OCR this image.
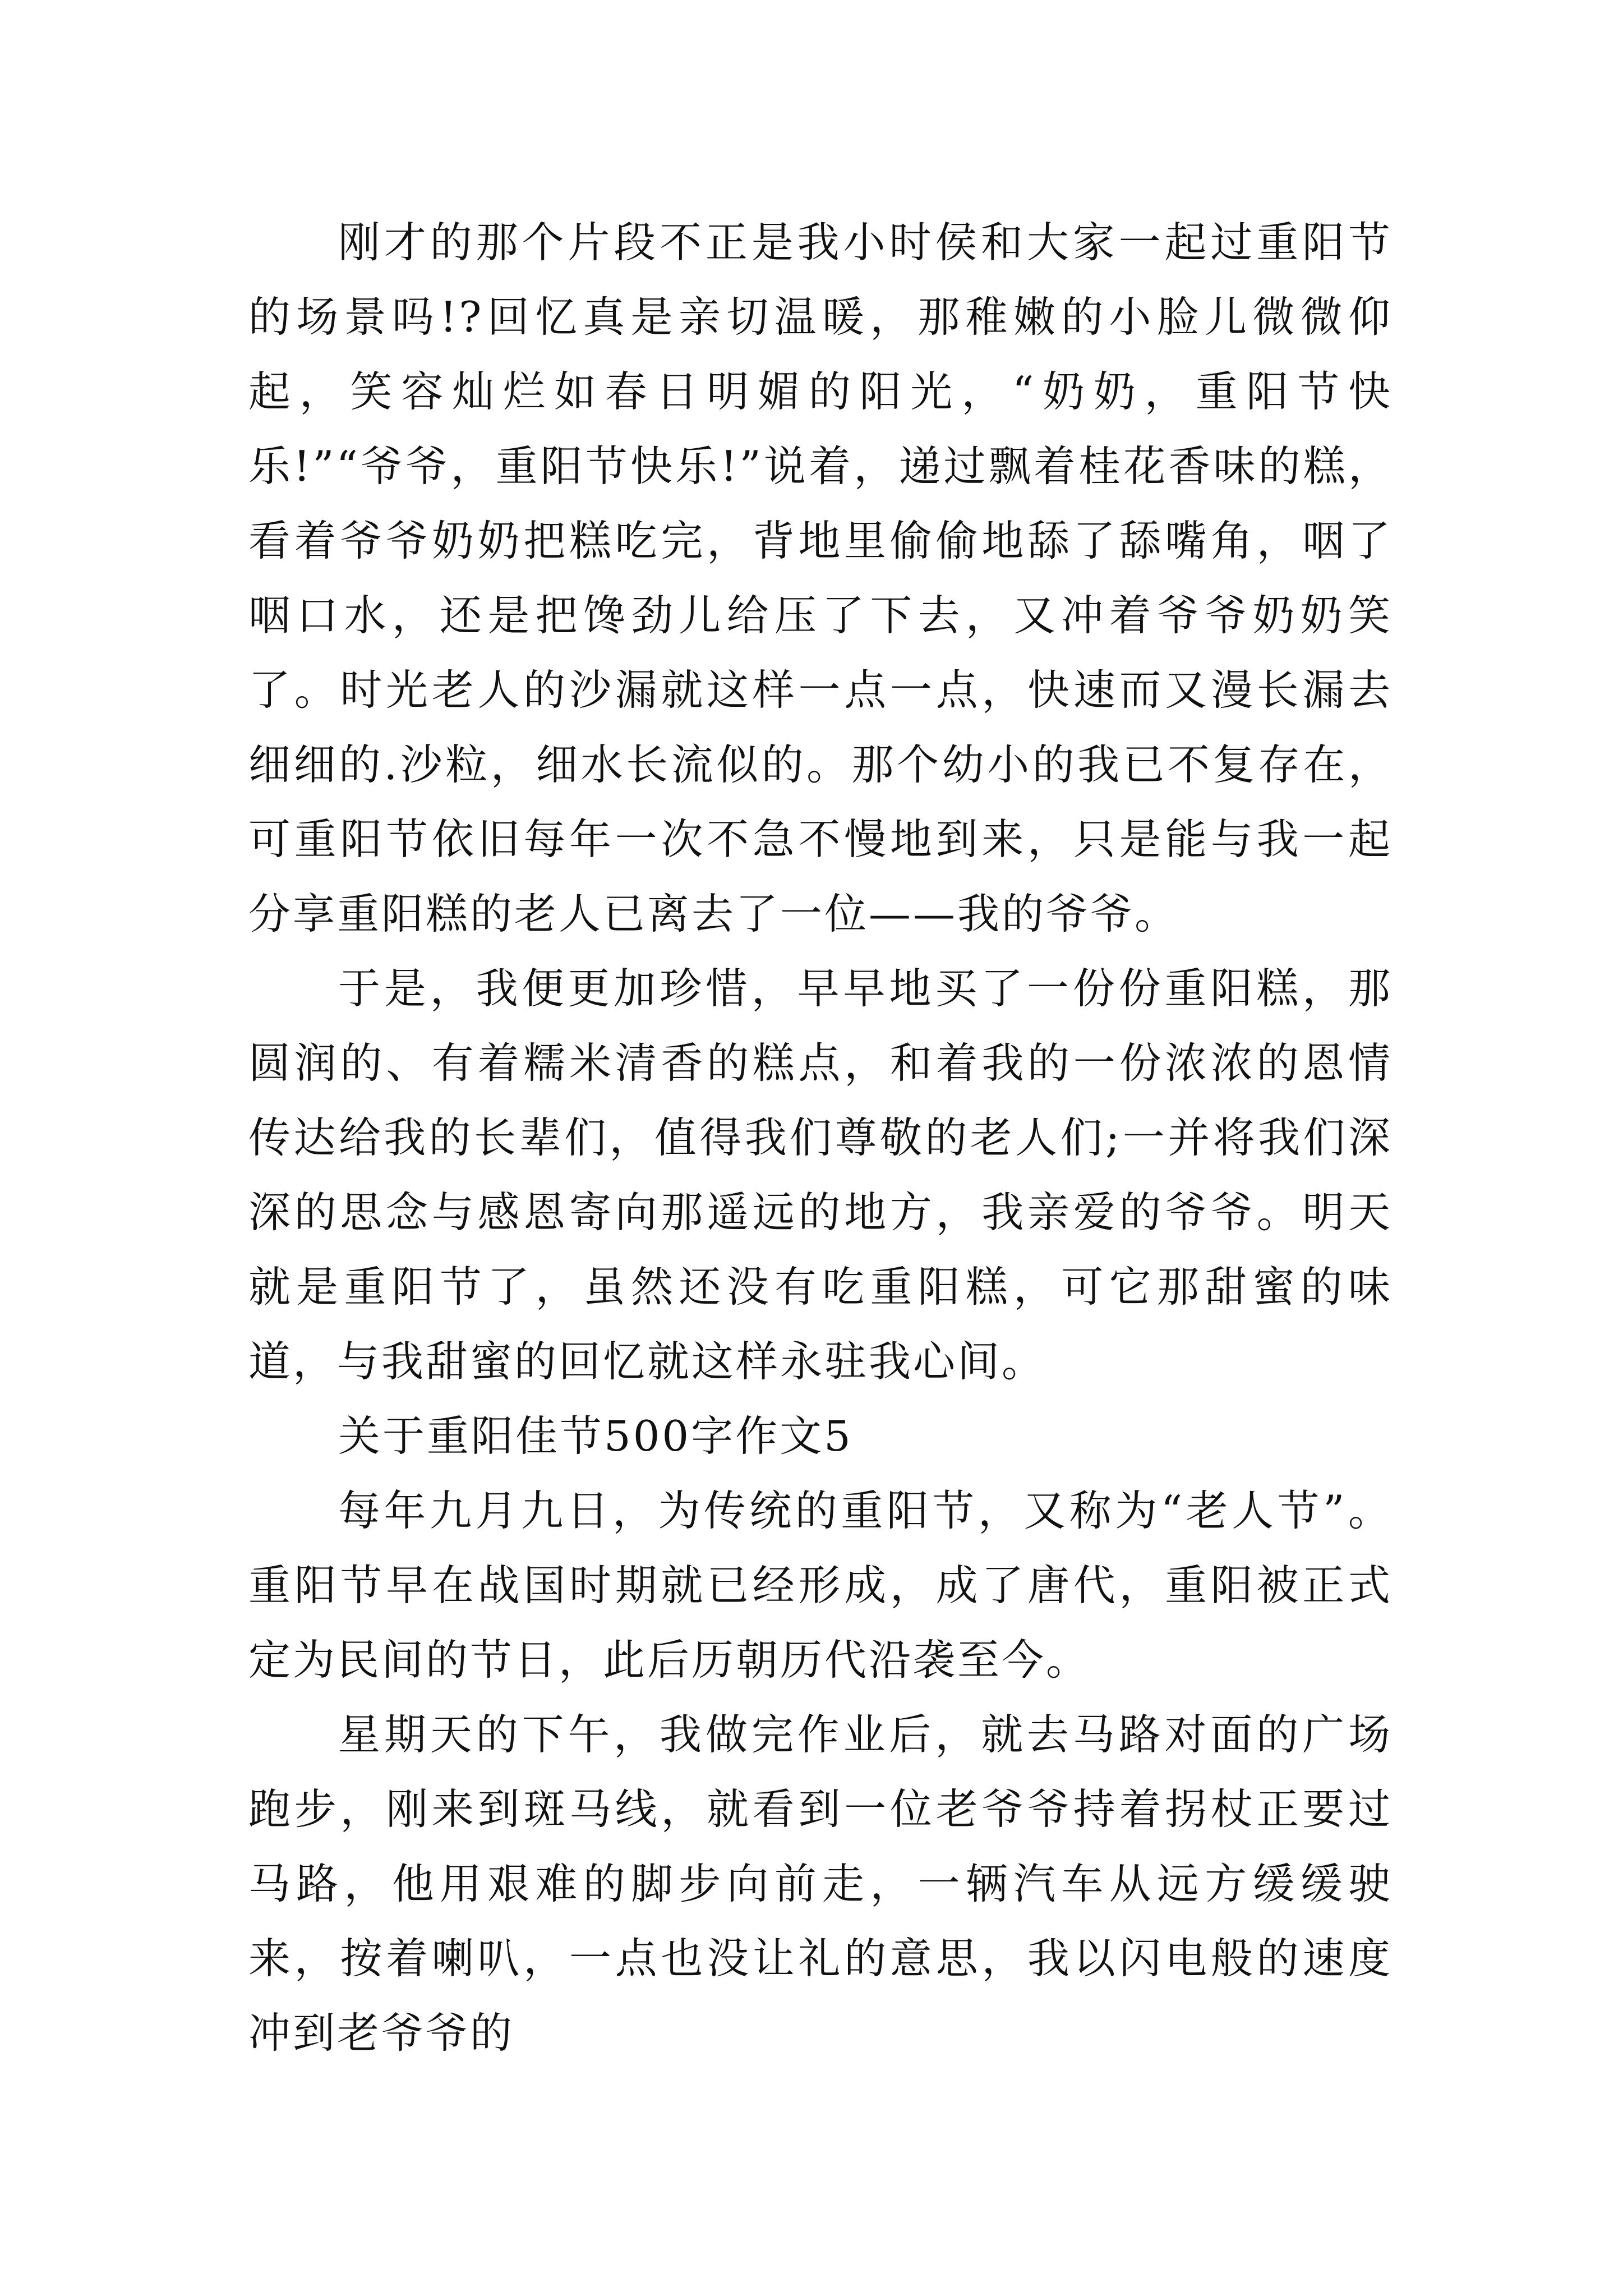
刚才的那个片段不正是我小时侯和大家一起过重阳节的场景吗!?回忆真是亲切温暖，那稚嫩的小脸儿微微仰起，笑容灿烂如春日明媚的阳光，“奶奶，重阳节快乐!”“爷爷，重阳节快乐!”说着，递过飘着桂花香味的糕，看着爷爷奶奶把糕吃完，背地里偷偷地舔了舔嘴角，咽了咽口水，还是把馋劲儿给压了下去，又冲着爷爷奶奶笑了。时光老人的沙漏就这样一点一点，快速而又漫长漏去细细的.沙粒，细水长流似的。那个幼小的我已不复存在，可重阳节依旧每年一次不急不慢地到来，只是能与我一起分享重阳糕的老人已离去了一位——我的爷爷。

于是，我便更加珍惜，早早地买了一份份重阳糕，那圆润的、有着糯米清香的糕点，和着我的一份浓浓的恩情传达给我的长辈们，值得我们尊敬的老人们;一并将我们深深的思念与感恩寄向那遥远的地方，我亲爱的爷爷。明天就是重阳节了，虽然还没有吃重阳糕，可它那甜蜜的味道，与我甜蜜的回忆就这样永驻我心间。

关于重阳佳节500字作文5

每年九月九日，为传统的重阳节，又称为“老人节”。重阳节早在战国时期就已经形成，成了唐代，重阳被正式定为民间的节日，此后历朝历代沿袭至今。

星期天的下午，我做完作业后，就去马路对面的广场跑步，刚来到斑马线，就看到一位老爷爷持着拐杖正要过马路，他用艰难的脚步向前走，一辆汽车从远方缓缓驶来，按着喇叭，一点也没让礼的意思，我以闪电般的速度冲到老爷爷的
